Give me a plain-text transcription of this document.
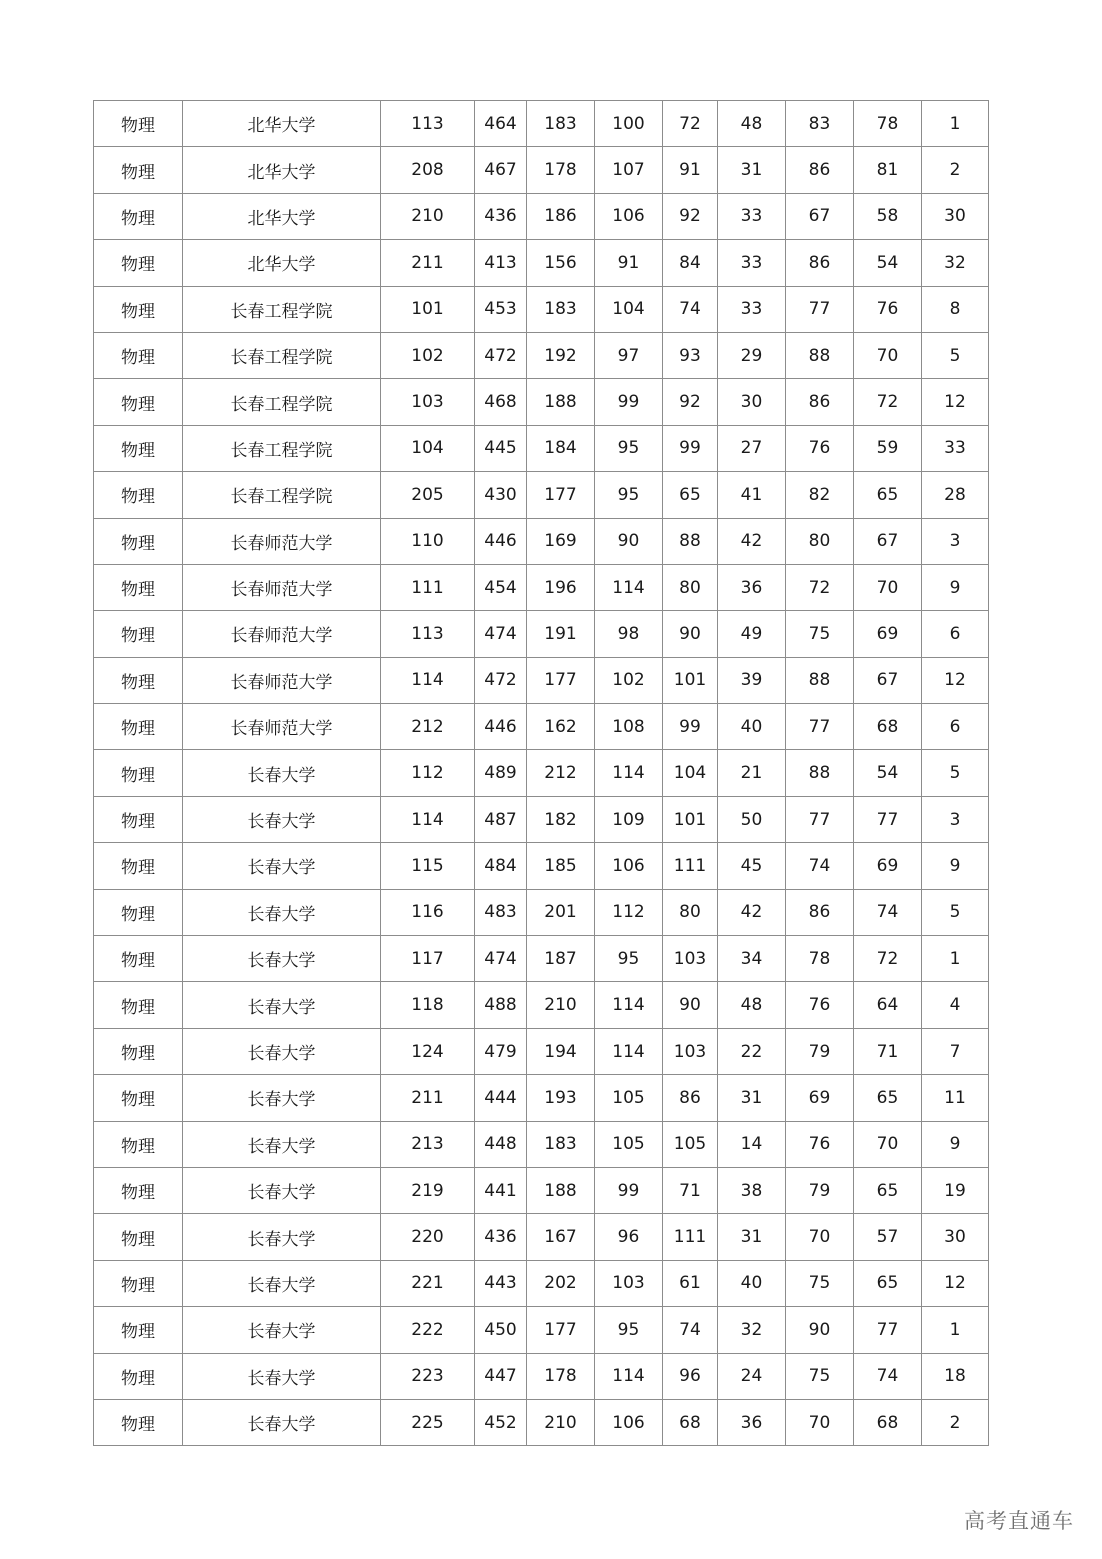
物理	北华大学	113	464	183	100	72	48	83	78	1
物理	北华大学	208	467	178	107	91	31	86	81	2
物理	北华大学	210	436	186	106	92	33	67	58	30
物理	北华大学	211	413	156	91	84	33	86	54	32
物理	长春工程学院	101	453	183	104	74	33	77	76	8
物理	长春工程学院	102	472	192	97	93	29	88	70	5
物理	长春工程学院	103	468	188	99	92	30	86	72	12
物理	长春工程学院	104	445	184	95	99	27	76	59	33
物理	长春工程学院	205	430	177	95	65	41	82	65	28
物理	长春师范大学	110	446	169	90	88	42	80	67	3
物理	长春师范大学	111	454	196	114	80	36	72	70	9
物理	长春师范大学	113	474	191	98	90	49	75	69	6
物理	长春师范大学	114	472	177	102	101	39	88	67	12
物理	长春师范大学	212	446	162	108	99	40	77	68	6
物理	长春大学	112	489	212	114	104	21	88	54	5
物理	长春大学	114	487	182	109	101	50	77	77	3
物理	长春大学	115	484	185	106	111	45	74	69	9
物理	长春大学	116	483	201	112	80	42	86	74	5
物理	长春大学	117	474	187	95	103	34	78	72	1
物理	长春大学	118	488	210	114	90	48	76	64	4
物理	长春大学	124	479	194	114	103	22	79	71	7
物理	长春大学	211	444	193	105	86	31	69	65	11
物理	长春大学	213	448	183	105	105	14	76	70	9
物理	长春大学	219	441	188	99	71	38	79	65	19
物理	长春大学	220	436	167	96	111	31	70	57	30
物理	长春大学	221	443	202	103	61	40	75	65	12
物理	长春大学	222	450	177	95	74	32	90	77	1
物理	长春大学	223	447	178	114	96	24	75	74	18
物理	长春大学	225	452	210	106	68	36	70	68	2
高考直通车
